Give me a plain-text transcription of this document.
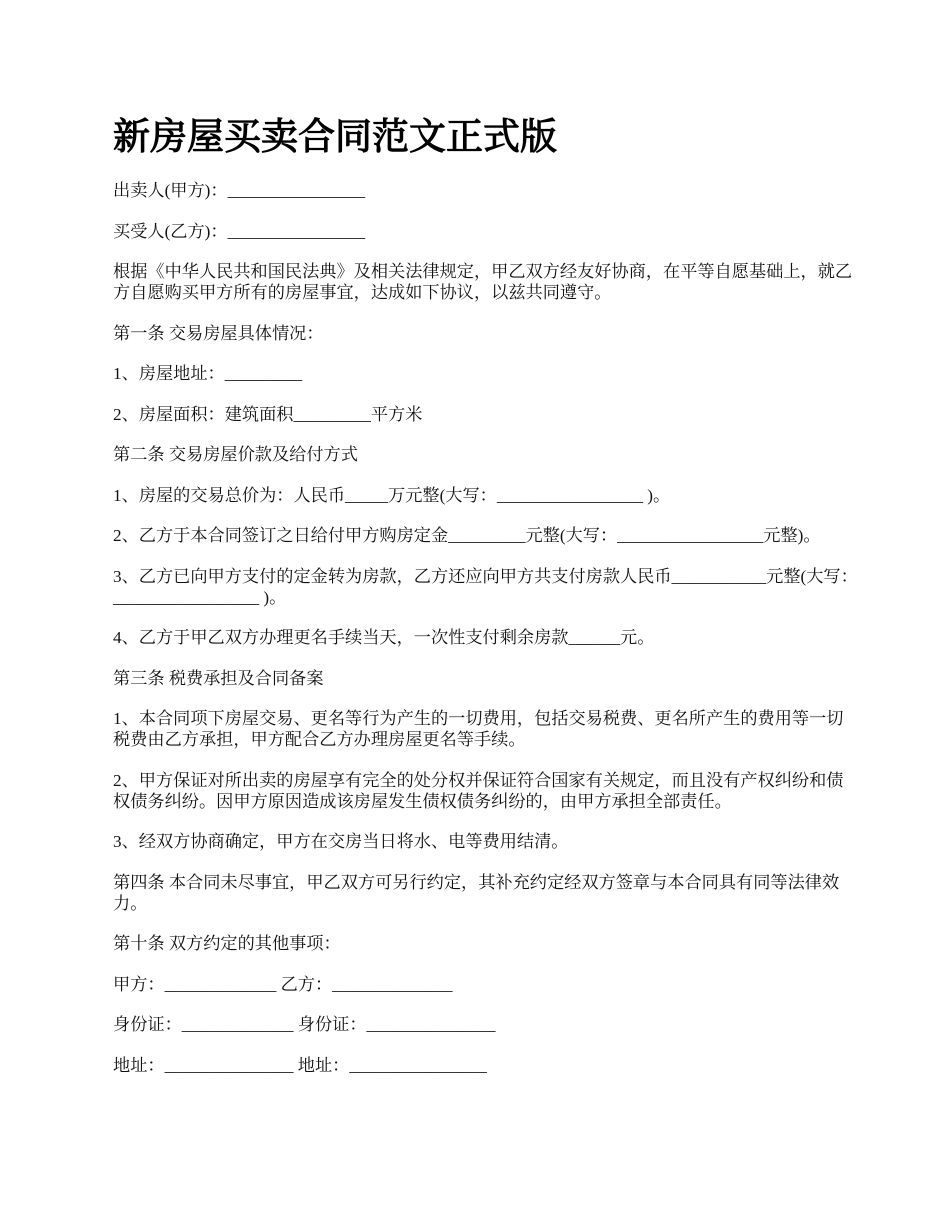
新房屋买卖合同范文正式版

出卖人(甲方)：________________

买受人(乙方)：________________

根据《中华人民共和国民法典》及相关法律规定，甲乙双方经友好协商，在平等自愿基础上，就乙方自愿购买甲方所有的房屋事宜，达成如下协议，以兹共同遵守。

第一条 交易房屋具体情况：

1、房屋地址：_________

2、房屋面积：建筑面积_________平方米

第二条 交易房屋价款及给付方式

1、房屋的交易总价为：人民币_____万元整(大写：_________________ )。

2、乙方于本合同签订之日给付甲方购房定金_________元整(大写：_________________元整)。

3、乙方已向甲方支付的定金转为房款，乙方还应向甲方共支付房款人民币___________元整(大写：_________________ )。

4、乙方于甲乙双方办理更名手续当天，一次性支付剩余房款______元。

第三条 税费承担及合同备案

1、本合同项下房屋交易、更名等行为产生的一切费用，包括交易税费、更名所产生的费用等一切税费由乙方承担，甲方配合乙方办理房屋更名等手续。

2、甲方保证对所出卖的房屋享有完全的处分权并保证符合国家有关规定，而且没有产权纠纷和债权债务纠纷。因甲方原因造成该房屋发生债权债务纠纷的，由甲方承担全部责任。

3、经双方协商确定，甲方在交房当日将水、电等费用结清。

第四条 本合同未尽事宜，甲乙双方可另行约定，其补充约定经双方签章与本合同具有同等法律效力。

第十条 双方约定的其他事项：

甲方：_____________ 乙方：______________

身份证：_____________ 身份证：_______________

地址：_______________ 地址：________________
